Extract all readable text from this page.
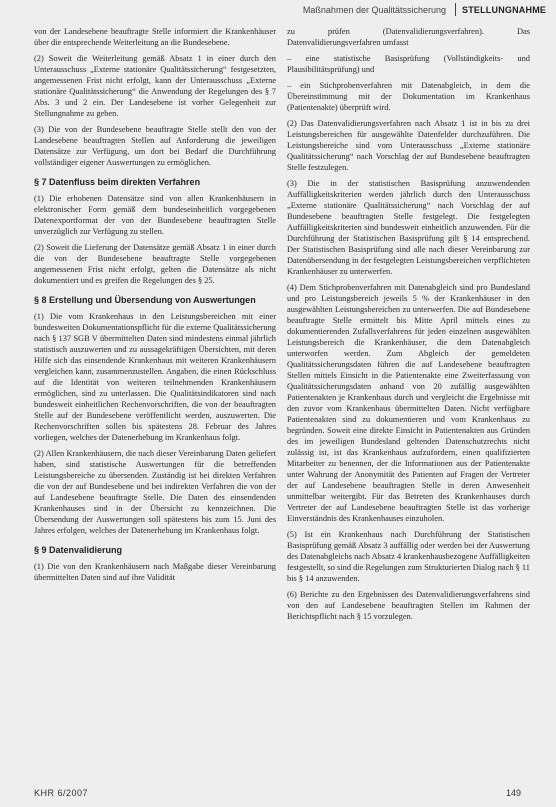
Maßnahmen der Qualitätssicherung STELLUNGNAHME

von der Landesebene beauftragte Stelle informiert die Krankenhäuser über die entsprechende Weiterleitung an die Bundesebene.

(2) Soweit die Weiterleitung gemäß Absatz 1 in einer durch den Unterausschuss „Externe stationäre Qualitätssicherung“ festgesetzten, angemessenen Frist nicht erfolgt, kann der Unterausschuss „Externe stationäre Qualitätssicherung“ die Anwendung der Regelungen des § 7 Abs. 3 und 2 ein. Der Landesebene ist vorher Gelegenheit zur Stellungnahme zu geben.

(3) Die von der Bundesebene beauftragte Stelle stellt den von der Landesebene beauftragten Stellen auf Anforderung die jeweiligen Datensätze zur Verfügung, um dort bei Bedarf die Durchführung vollständiger eigener Auswertungen zu ermöglichen.

§ 7 Datenfluss beim direkten Verfahren

(1) Die erhobenen Datensätze sind von allen Krankenhäusern in elektronischer Form gemäß dem bundeseinheitlich vorgegebenen Datenexportformat der von der Bundesebene beauftragten Stelle unverzüglich zur Verfügung zu stellen.

(2) Soweit die Lieferung der Datensätze gemäß Absatz 1 in einer durch die von der Bundesebene beauftragte Stelle vorgegebenen angemessenen Frist nicht erfolgt, gelten die Datensätze als nicht dokumentiert und es greifen die Regelungen des § 25.

§ 8 Erstellung und Übersendung von Auswertungen

(1) Die vom Krankenhaus in den Leistungsbereichen mit einer bundesweiten Dokumentationspflicht für die externe Qualitätssicherung nach § 137 SGB V übermittelten Daten sind mindestens einmal jährlich statistisch auszuwerten und zu aussagekräftigen Übersichten, mit deren Hilfe sich das einsendende Krankenhaus mit weiteren Krankenhäusern vergleichen kann, zusammenzustellen. Angaben, die einen Rückschluss auf die Identität von weiteren teilnehmenden Krankenhäusern ermöglichen, sind zu unterlassen. Die Qualitätsindikatoren sind nach bundesweit einheitlichen Rechenvorschriften, die von der beauftragten Stelle auf der Bundesebene veröffentlicht werden, auszuwerten. Die Rechenvorschriften sollen bis spätestens 28. Februar des Jahres vorliegen, welches der Datenerhebung im Krankenhaus folgt.

(2) Allen Krankenhäusern, die nach dieser Vereinbarung Daten geliefert haben, sind statistische Auswertungen für die betreffenden Leistungsbereiche zu übersenden. Zuständig ist bei direkten Verfahren die von der auf Bundesebene und bei indirekten Verfahren die von der auf Landesebene beauftragte Stelle. Die Daten des einsendenden Krankenhauses sind in der Übersicht zu kennzeichnen. Die Übersendung der Auswertungen soll spätestens bis zum 15. Juni des Jahres erfolgen, welches der Datenerhebung im Krankenhaus folgt.

§ 9 Datenvalidierung

(1) Die von den Krankenhäusern nach Maßgabe dieser Vereinbarung übermittelten Daten sind auf ihre Validität

zu prüfen (Datenvalidierungsverfahren). Das Datenvalidierungsverfahren umfasst

– eine statistische Basisprüfung (Vollständigkeits- und Plausibilitätsprüfung) und

– ein Stichprobenverfahren mit Datenabgleich, in dem die Übereinstimmung mit der Dokumentation im Krankenhaus (Patientenakte) überprüft wird.

(2) Das Datenvalidierungsverfahren nach Absatz 1 ist in bis zu drei Leistungsbereichen für ausgewählte Datenfelder durchzuführen. Die Leistungsbereiche sind vom Unterausschuss „Externe stationäre Qualitätssicherung“ nach Vorschlag der auf Bundesebene beauftragten Stelle festzulegen.

(3) Die in der statistischen Basisprüfung anzuwendenden Auffälligkeitskriterien werden jährlich durch den Unterausschuss „Externe stationäre Qualitätssicherung“ nach Vorschlag der auf Bundesebene beauftragten Stelle festgelegt. Die festgelegten Auffälligkeitskriterien sind bundesweit einheitlich anzuwenden. Für die Durchführung der Statistischen Basisprüfung gilt § 14 entsprechend. Der Statistischen Basisprüfung sind alle nach dieser Vereinbarung zur Datenübersendung in der festgelegten Leistungsbereichen verpflichteten Krankenhäuser zu unterwerfen.

(4) Dem Stichprobenverfahren mit Datenabgleich sind pro Bundesland und pro Leistungsbereich jeweils 5 % der Krankenhäuser in den ausgewählten Leistungsbereichen zu unterwerfen. Die auf Bundesebene beauftragte Stelle ermittelt bis Mitte April mittels eines zu dokumentierenden Zufallsverfahrens für jeden einzelnen ausgewählten Leistungsbereich die Krankenhäuser, die dem Datenabgleich unterworfen werden. Zum Abgleich der gemeldeten Qualitätssicherungsdaten führen die auf Landesebene beauftragten Stellen mittels Einsicht in die Patientenakte eine Zweiterfassung von Qualitätssicherungsdaten anhand von 20 zufällig ausgewählten Patientenakten je Krankenhaus durch und vergleicht die Ergebnisse mit den zuvor vom Krankenhaus übermittelten Daten. Nicht verfügbare Patientenakten sind zu dokumentieren und vom Krankenhaus zu begründen. Soweit eine direkte Einsicht in Patientenakten aus Gründen des im jeweiligen Bundesland geltenden Datenschutzrechts nicht zulässig ist, ist das Krankenhaus aufzufordern, einen qualifizierten Mitarbeiter zu benennen, der die Informationen aus der Patientenakte unter Wahrung der Anonymität des Patienten auf Fragen der Vertreter der auf Landesebene beauftragten Stelle in deren Anwesenheit unmittelbar weitergibt. Für das Betreten des Krankenhauses durch Vertreter der auf Landesebene beauftragten Stelle ist das vorherige Einverständnis des Krankenhauses einzuholen.

(5) Ist ein Krankenhaus nach Durchführung der Statistischen Basisprüfung gemäß Absatz 3 auffällig oder werden bei der Auswertung des Datenabgleichs nach Absatz 4 krankenhausbezogene Auffälligkeiten festgestellt, so sind die Regelungen zum Strukturierten Dialog nach § 11 bis § 14 anzuwenden.

(6) Berichte zu den Ergebnissen des Datenvalidierungsverfahrens sind von den auf Landesebene beauftragten Stellen im Rahmen der Berichtspflicht nach § 15 vorzulegen.

KHR 6/2007	149
